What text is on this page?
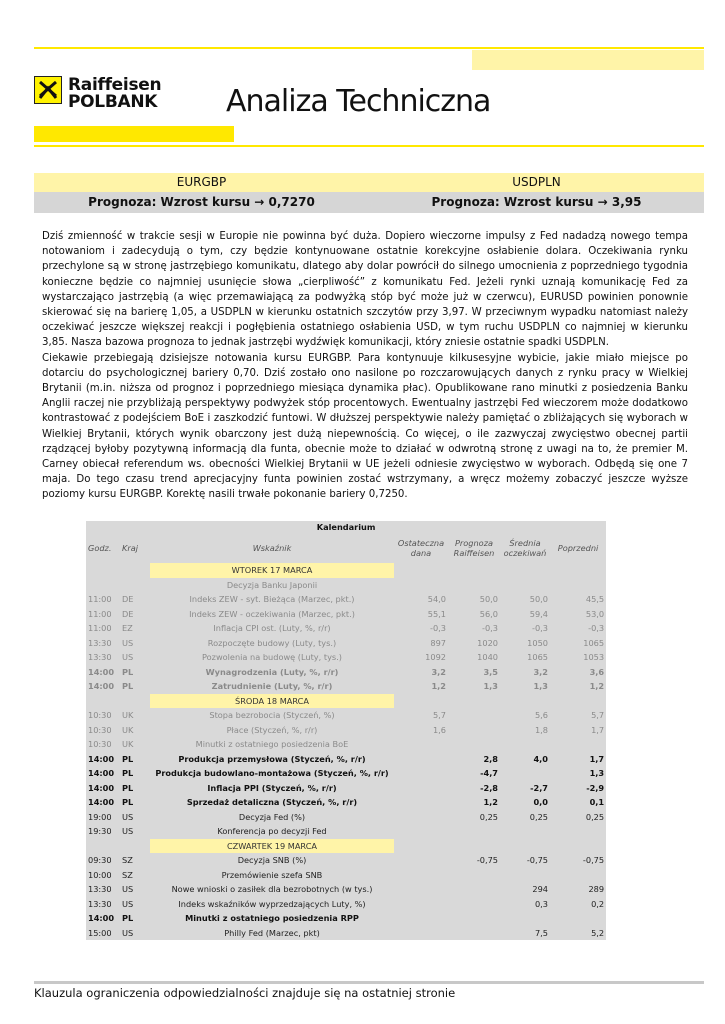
Raiffeisen
POLBANK Analiza Techniczna
EURGBP	USDPLN
Prognoza: Wzrost kursu → 0,7270	Prognoza: Wzrost kursu → 3,95

Dziś zmienność w trakcie sesji w Europie nie powinna być duża. Dopiero wieczorne impulsy z Fed nadadzą nowego tempa notowaniom i zadecydują o tym, czy będzie kontynuowane ostatnie korekcyjne osłabienie dolara. Oczekiwania rynku przechylone są w stronę jastrzębiego komunikatu, dlatego aby dolar powrócił do silnego umocnienia z poprzedniego tygodnia konieczne będzie co najmniej usunięcie słowa „cierpliwość” z komunikatu Fed. Jeżeli rynki uznają komunikację Fed za wystarczająco jastrzębią (a więc przemawiającą za podwyżką stóp być może już w czerwcu), EURUSD powinien ponownie skierować się na barierę 1,05, a USDPLN w kierunku ostatnich szczytów przy 3,97. W przeciwnym wypadku natomiast należy oczekiwać jeszcze większej reakcji i pogłębienia ostatniego osłabienia USD, w tym ruchu USDPLN co najmniej w kierunku 3,85. Nasza bazowa prognoza to jednak jastrzębi wydźwięk komunikacji, który zniesie ostatnie spadki USDPLN.

Ciekawie przebiegają dzisiejsze notowania kursu EURGBP. Para kontynuuje kilkusesyjne wybicie, jakie miało miejsce po dotarciu do psychologicznej bariery 0,70. Dziś zostało ono nasilone po rozczarowujących danych z rynku pracy w Wielkiej Brytanii (m.in. niższa od prognoz i poprzedniego miesiąca dynamika płac). Opublikowane rano minutki z posiedzenia Banku Anglii raczej nie przybliżają perspektywy podwyżek stóp procentowych. Ewentualny jastrzębi Fed wieczorem może dodatkowo kontrastować z podejściem BoE i zaszkodzić funtowi. W dłuższej perspektywie należy pamiętać o zbliżających się wyborach w Wielkiej Brytanii, których wynik obarczony jest dużą niepewnością. Co więcej, o ile zazwyczaj zwycięstwo obecnej partii rządzącej byłoby pozytywną informacją dla funta, obecnie może to działać w odwrotną stronę z uwagi na to, że premier M. Carney obiecał referendum ws. obecności Wielkiej Brytanii w UE jeżeli odniesie zwycięstwo w wyborach. Odbędą się one 7 maja. Do tego czasu trend aprecjacyjny funta powinien zostać wstrzymany, a wręcz możemy zobaczyć jeszcze wyższe poziomy kursu EURGBP. Korektę nasili trwałe pokonanie bariery 0,7250.

Kalendarium						
Godz.	Kraj	Wskaźnik	Ostateczna dana	Prognoza Raiffeisen	Średnia oczekiwań	Poprzedni
		WTOREK 17 MARCA				
		Decyzja Banku Japonii				
11:00	DE	Indeks ZEW - syt. Bieżąca (Marzec, pkt.)	54,0	50,0	50,0	45,5
11:00	DE	Indeks ZEW - oczekiwania (Marzec, pkt.)	55,1	56,0	59,4	53,0
11:00	EZ	Inflacja CPI ost. (Luty, %, r/r)	-0,3	-0,3	-0,3	-0,3
13:30	US	Rozpoczęte budowy (Luty, tys.)	897	1020	1050	1065
13:30	US	Pozwolenia na budowę (Luty, tys.)	1092	1040	1065	1053
14:00	PL	Wynagrodzenia (Luty, %, r/r)	3,2	3,5	3,2	3,6
14:00	PL	Zatrudnienie (Luty, %, r/r)	1,2	1,3	1,3	1,2
		ŚRODA 18 MARCA				
10:30	UK	Stopa bezrobocia (Styczeń, %)	5,7		5,6	5,7
10:30	UK	Płace (Styczeń, %, r/r)	1,6		1,8	1,7
10:30	UK	Minutki z ostatniego posiedzenia BoE				
14:00	PL	Produkcja przemysłowa (Styczeń, %, r/r)		2,8	4,0	1,7
14:00	PL	Produkcja budowlano-montażowa (Styczeń, %, r/r)		-4,7		1,3
14:00	PL	Inflacja PPI (Styczeń, %, r/r)		-2,8	-2,7	-2,9
14:00	PL	Sprzedaż detaliczna (Styczeń, %, r/r)		1,2	0,0	0,1
19:00	US	Decyzja Fed (%)		0,25	0,25	0,25
19:30	US	Konferencja po decyzji Fed				
		CZWARTEK 19 MARCA				
09:30	SZ	Decyzja SNB (%)		-0,75	-0,75	-0,75
10:00	SZ	Przemówienie szefa SNB				
13:30	US	Nowe wnioski o zasiłek dla bezrobotnych (w tys.)			294	289
13:30	US	Indeks wskaźników wyprzedzających Luty, %)			0,3	0,2
14:00	PL	Minutki z ostatniego posiedzenia RPP				
15:00	US	Philly Fed (Marzec, pkt)			7,5	5,2
Klauzula ograniczenia odpowiedzialności znajduje się na ostatniej stronie
